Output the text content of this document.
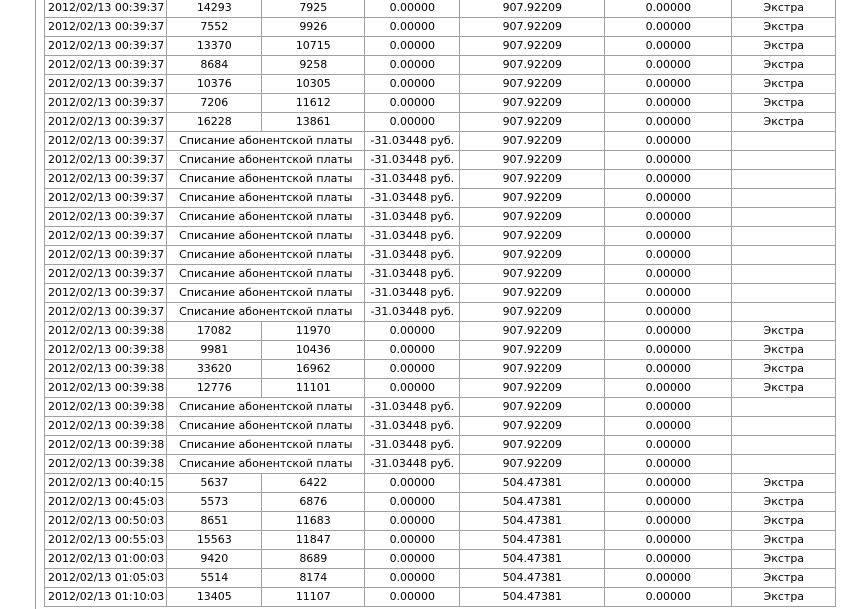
2012/02/13 00:39:37	14293	7925	0.00000	907.92209	0.00000	Экстра
2012/02/13 00:39:37	7552	9926	0.00000	907.92209	0.00000	Экстра
2012/02/13 00:39:37	13370	10715	0.00000	907.92209	0.00000	Экстра
2012/02/13 00:39:37	8684	9258	0.00000	907.92209	0.00000	Экстра
2012/02/13 00:39:37	10376	10305	0.00000	907.92209	0.00000	Экстра
2012/02/13 00:39:37	7206	11612	0.00000	907.92209	0.00000	Экстра
2012/02/13 00:39:37	16228	13861	0.00000	907.92209	0.00000	Экстра
2012/02/13 00:39:37	Списание абонентской платы		-31.03448 руб.	907.92209	0.00000	
2012/02/13 00:39:37	Списание абонентской платы		-31.03448 руб.	907.92209	0.00000	
2012/02/13 00:39:37	Списание абонентской платы		-31.03448 руб.	907.92209	0.00000	
2012/02/13 00:39:37	Списание абонентской платы		-31.03448 руб.	907.92209	0.00000	
2012/02/13 00:39:37	Списание абонентской платы		-31.03448 руб.	907.92209	0.00000	
2012/02/13 00:39:37	Списание абонентской платы		-31.03448 руб.	907.92209	0.00000	
2012/02/13 00:39:37	Списание абонентской платы		-31.03448 руб.	907.92209	0.00000	
2012/02/13 00:39:37	Списание абонентской платы		-31.03448 руб.	907.92209	0.00000	
2012/02/13 00:39:37	Списание абонентской платы		-31.03448 руб.	907.92209	0.00000	
2012/02/13 00:39:37	Списание абонентской платы		-31.03448 руб.	907.92209	0.00000	
2012/02/13 00:39:38	17082	11970	0.00000	907.92209	0.00000	Экстра
2012/02/13 00:39:38	9981	10436	0.00000	907.92209	0.00000	Экстра
2012/02/13 00:39:38	33620	16962	0.00000	907.92209	0.00000	Экстра
2012/02/13 00:39:38	12776	11101	0.00000	907.92209	0.00000	Экстра
2012/02/13 00:39:38	Списание абонентской платы		-31.03448 руб.	907.92209	0.00000	
2012/02/13 00:39:38	Списание абонентской платы		-31.03448 руб.	907.92209	0.00000	
2012/02/13 00:39:38	Списание абонентской платы		-31.03448 руб.	907.92209	0.00000	
2012/02/13 00:39:38	Списание абонентской платы		-31.03448 руб.	907.92209	0.00000	
2012/02/13 00:40:15	5637	6422	0.00000	504.47381	0.00000	Экстра
2012/02/13 00:45:03	5573	6876	0.00000	504.47381	0.00000	Экстра
2012/02/13 00:50:03	8651	11683	0.00000	504.47381	0.00000	Экстра
2012/02/13 00:55:03	15563	11847	0.00000	504.47381	0.00000	Экстра
2012/02/13 01:00:03	9420	8689	0.00000	504.47381	0.00000	Экстра
2012/02/13 01:05:03	5514	8174	0.00000	504.47381	0.00000	Экстра
2012/02/13 01:10:03	13405	11107	0.00000	504.47381	0.00000	Экстра
